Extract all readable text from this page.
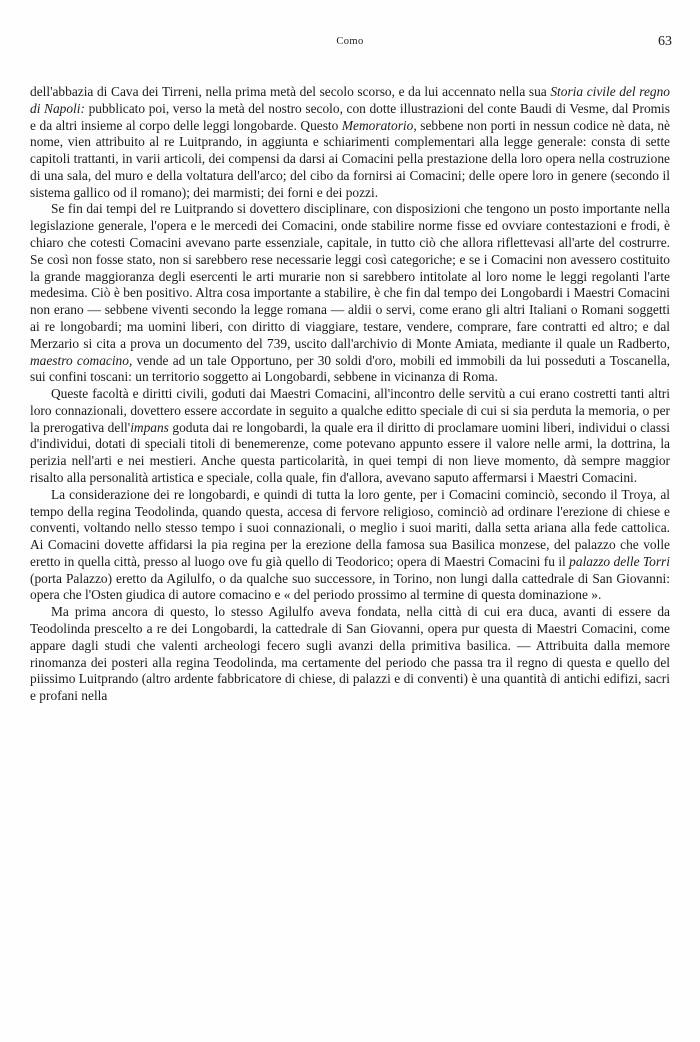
Como	63

dell'abbazia di Cava dei Tirreni, nella prima metà del secolo scorso, e da lui accennato nella sua Storia civile del regno di Napoli: pubblicato poi, verso la metà del nostro secolo, con dotte illustrazioni del conte Baudi di Vesme, dal Promis e da altri insieme al corpo delle leggi longobarde. Questo Memoratorio, sebbene non porti in nessun codice nè data, nè nome, vien attribuito al re Luitprando, in aggiunta e schiarimenti complementari alla legge generale: consta di sette capitoli trattanti, in varii articoli, dei compensi da darsi ai Comacini pella prestazione della loro opera nella costruzione di una sala, del muro e della voltatura dell'arco; del cibo da fornirsi ai Comacini; delle opere loro in genere (secondo il sistema gallico od il romano); dei marmisti; dei forni e dei pozzi.

Se fin dai tempi del re Luitprando si dovettero disciplinare, con disposizioni che tengono un posto importante nella legislazione generale, l'opera e le mercedi dei Comacini, onde stabilire norme fisse ed ovviare contestazioni e frodi, è chiaro che cotesti Comacini avevano parte essenziale, capitale, in tutto ciò che allora riflettevasi all'arte del costrurre. Se così non fosse stato, non si sarebbero rese necessarie leggi così categoriche; e se i Comacini non avessero costituito la grande maggioranza degli esercenti le arti murarie non si sarebbero intitolate al loro nome le leggi regolanti l'arte medesima. Ciò è ben positivo. Altra cosa importante a stabilire, è che fin dal tempo dei Longobardi i Maestri Comacini non erano — sebbene viventi secondo la legge romana — aldii o servi, come erano gli altri Italiani o Romani soggetti ai re longobardi; ma uomini liberi, con diritto di viaggiare, testare, vendere, comprare, fare contratti ed altro; e dal Merzario si cita a prova un documento del 739, uscito dall'archivio di Monte Amiata, mediante il quale un Radberto, maestro comacino, vende ad un tale Opportuno, per 30 soldi d'oro, mobili ed immobili da lui posseduti a Toscanella, sui confini toscani: un territorio soggetto ai Longobardi, sebbene in vicinanza di Roma.

Queste facoltà e diritti civili, goduti dai Maestri Comacini, all'incontro delle servitù a cui erano costretti tanti altri loro connazionali, dovettero essere accordate in seguito a qualche editto speciale di cui si sia perduta la memoria, o per la prerogativa dell'impans goduta dai re longobardi, la quale era il diritto di proclamare uomini liberi, individui o classi d'individui, dotati di speciali titoli di benemerenze, come potevano appunto essere il valore nelle armi, la dottrina, la perizia nell'arti e nei mestieri. Anche questa particolarità, in quei tempi di non lieve momento, dà sempre maggior risalto alla personalità artistica e speciale, colla quale, fin d'allora, avevano saputo affermarsi i Maestri Comacini.

La considerazione dei re longobardi, e quindi di tutta la loro gente, per i Comacini cominciò, secondo il Troya, al tempo della regina Teodolinda, quando questa, accesa di fervore religioso, cominciò ad ordinare l'erezione di chiese e conventi, voltando nello stesso tempo i suoi connazionali, o meglio i suoi mariti, dalla setta ariana alla fede cattolica. Ai Comacini dovette affidarsi la pia regina per la erezione della famosa sua Basilica monzese, del palazzo che volle eretto in quella città, presso al luogo ove fu già quello di Teodorico; opera di Maestri Comacini fu il palazzo delle Torri (porta Palazzo) eretto da Agilulfo, o da qualche suo successore, in Torino, non lungi dalla cattedrale di San Giovanni: opera che l'Osten giudica di autore comacino e « del periodo prossimo al termine di questa dominazione ».

Ma prima ancora di questo, lo stesso Agilulfo aveva fondata, nella città di cui era duca, avanti di essere da Teodolinda prescelto a re dei Longobardi, la cattedrale di San Giovanni, opera pur questa di Maestri Comacini, come appare dagli studi che valenti archeologi fecero sugli avanzi della primitiva basilica. — Attribuita dalla memore rinomanza dei posteri alla regina Teodolinda, ma certamente del periodo che passa tra il regno di questa e quello del piissimo Luitprando (altro ardente fabbricatore di chiese, di palazzi e di conventi) è una quantità di antichi edifizi, sacri e profani nella
